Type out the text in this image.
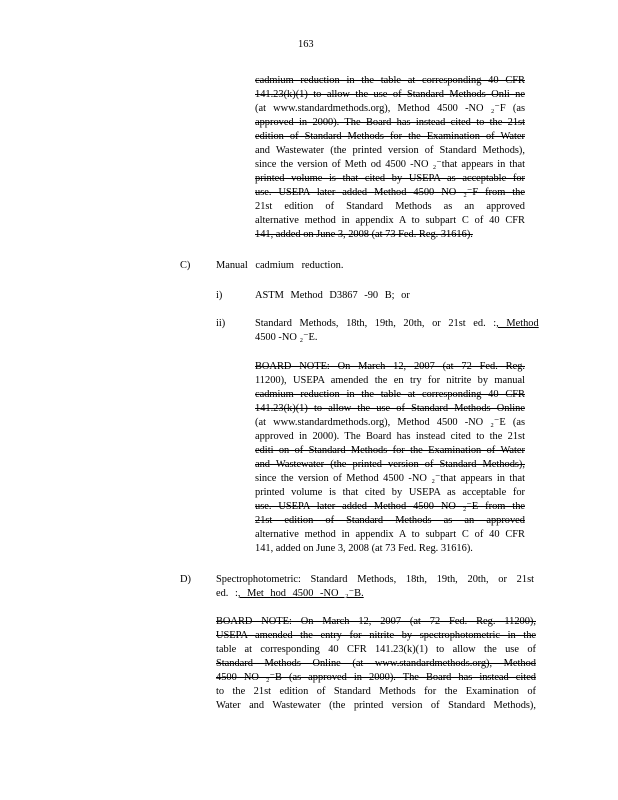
163
cadmium reduction in the table at corresponding 40 CFR
141.23(k)(1) to allow the use of Standard Methods Onli ne
(at www.standardmethods.org), Method 4500 -NO ₂⁻F (as
approved in 2000). The Board has instead cited to the 21st
edition of Standard Methods for the Examination of Water
and Wastewater (the printed version of Standard Methods),
since the version of Meth od 4500 -NO ₂⁻that appears in that
printed volume is that cited by USEPA as acceptable for
use. USEPA later added Method 4500 NO ₂⁻F from the
21st edition of Standard Methods as an approved
alternative method in appendix A to subpart C of 40 CFR
141, added on June 3, 2008 (at 73 Fed. Reg. 31616).
C) Manual cadmium reduction.
i)	ASTM Method D3867 -90 B; or
ii)	Standard Methods, 18th, 19th, 20th, or 21st ed. :, Method
4500 -NO ₂⁻E.
BOARD NOTE: On March 12, 2007 (at 72 Fed. Reg.
11200), USEPA amended the en try for nitrite by manual
cadmium reduction in the table at corresponding 40 CFR
141.23(k)(1) to allow the use of Standard Methods Online
(at www.standardmethods.org), Method 4500 -NO ₂⁻E (as
approved in 2000). The Board has instead cited to the 21st
editi on of Standard Methods for the Examination of Water
and Wastewater (the printed version of Standard Methods),
since the version of Method 4500 -NO ₂⁻that appears in that
printed volume is that cited by USEPA as acceptable for
use. USEPA later added Method 4500 NO ₂⁻E from the
21st edition of Standard Methods as an approved
alternative method in appendix A to subpart C of 40 CFR
141, added on June 3, 2008 (at 73 Fed. Reg. 31616).
D) Spectrophotometric: Standard Methods, 18th, 19th, 20th, or 21st
ed. :, Met hod 4500 -NO ₂⁻B.
BOARD NOTE: On March 12, 2007 (at 72 Fed. Reg. 11200),
USEPA amended the entry for nitrite by spectrophotometric in the
table at corresponding 40 CFR 141.23(k)(1) to allow the use of
Standard Methods Online (at www.standardmethods.org), Method
4500 NO ₂⁻B (as approved in 2000). The Board has instead cited
to the 21st edition of Standard Methods for the Examination of
Water and Wastewater (the printed version of Standard Methods),
